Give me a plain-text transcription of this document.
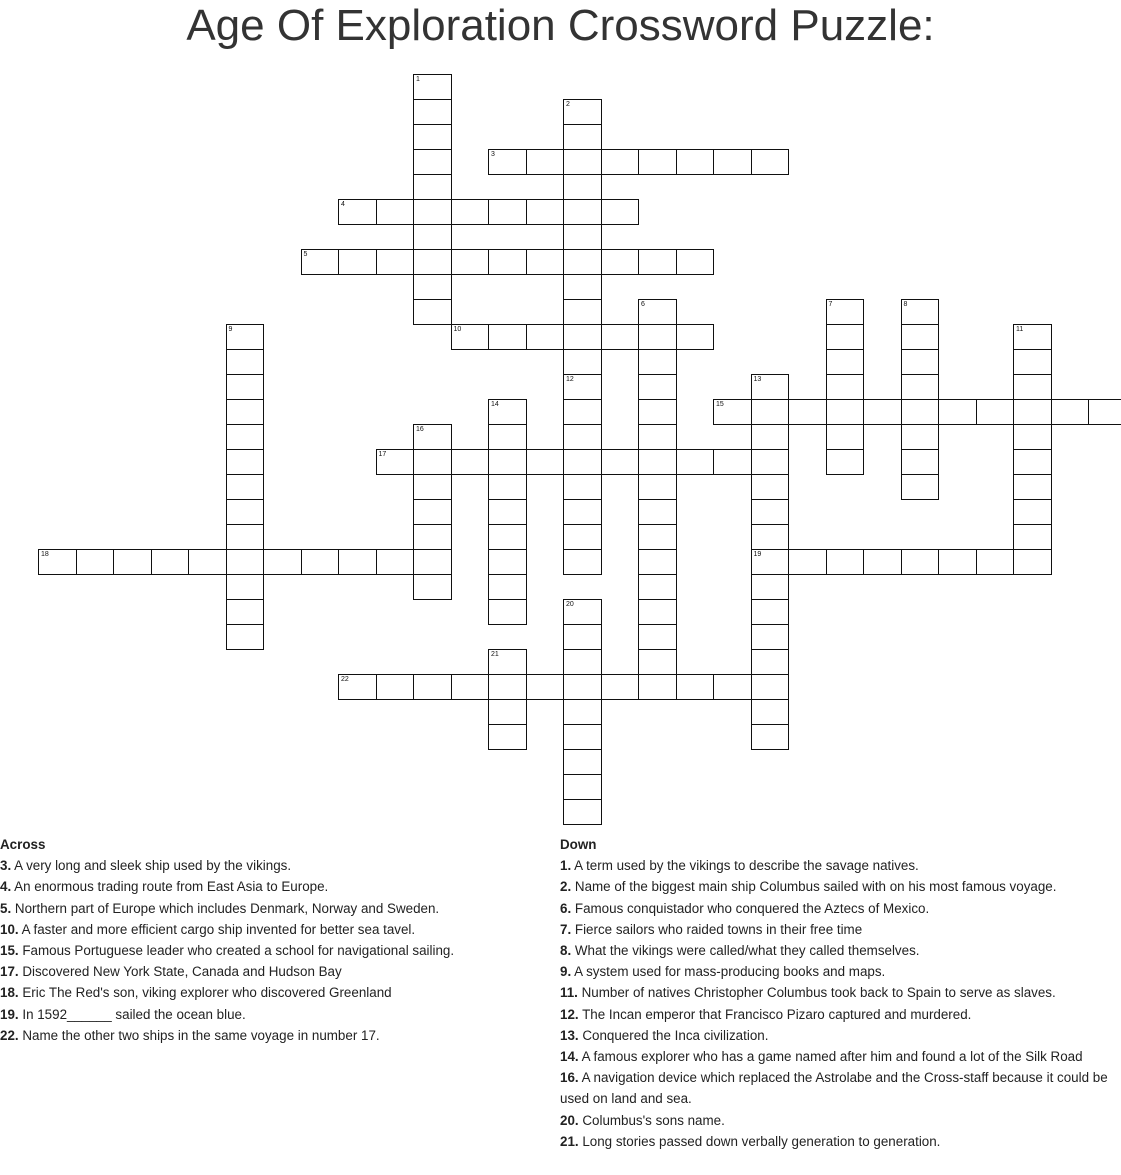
Age Of Exploration Crossword Puzzle:
1
2
12
3
4
5
6	7	8
9	10	11
13
19
14	15
16
17
18
20
21
22
Across
3. A very long and sleek ship used by the vikings.
4. An enormous trading route from East Asia to Europe.
5. Northern part of Europe which includes Denmark, Norway and Sweden.
10. A faster and more efficient cargo ship invented for better sea tavel.
15. Famous Portuguese leader who created a school for navigational sailing.
17. Discovered New York State, Canada and Hudson Bay
18. Eric The Red's son, viking explorer who discovered Greenland
19. In 1592______ sailed the ocean blue.
22. Name the other two ships in the same voyage in number 17.
Down
1. A term used by the vikings to describe the savage natives.
2. Name of the biggest main ship Columbus sailed with on his most famous voyage.
6. Famous conquistador who conquered the Aztecs of Mexico.
7. Fierce sailors who raided towns in their free time
8. What the vikings were called/what they called themselves.
9. A system used for mass-producing books and maps.
11. Number of natives Christopher Columbus took back to Spain to serve as slaves.
12. The Incan emperor that Francisco Pizaro captured and murdered.
13. Conquered the Inca civilization.
14. A famous explorer who has a game named after him and found a lot of the Silk Road
16. A navigation device which replaced the Astrolabe and the Cross-staff because it could be used on land and sea.
20. Columbus's sons name.
21. Long stories passed down verbally generation to generation.
